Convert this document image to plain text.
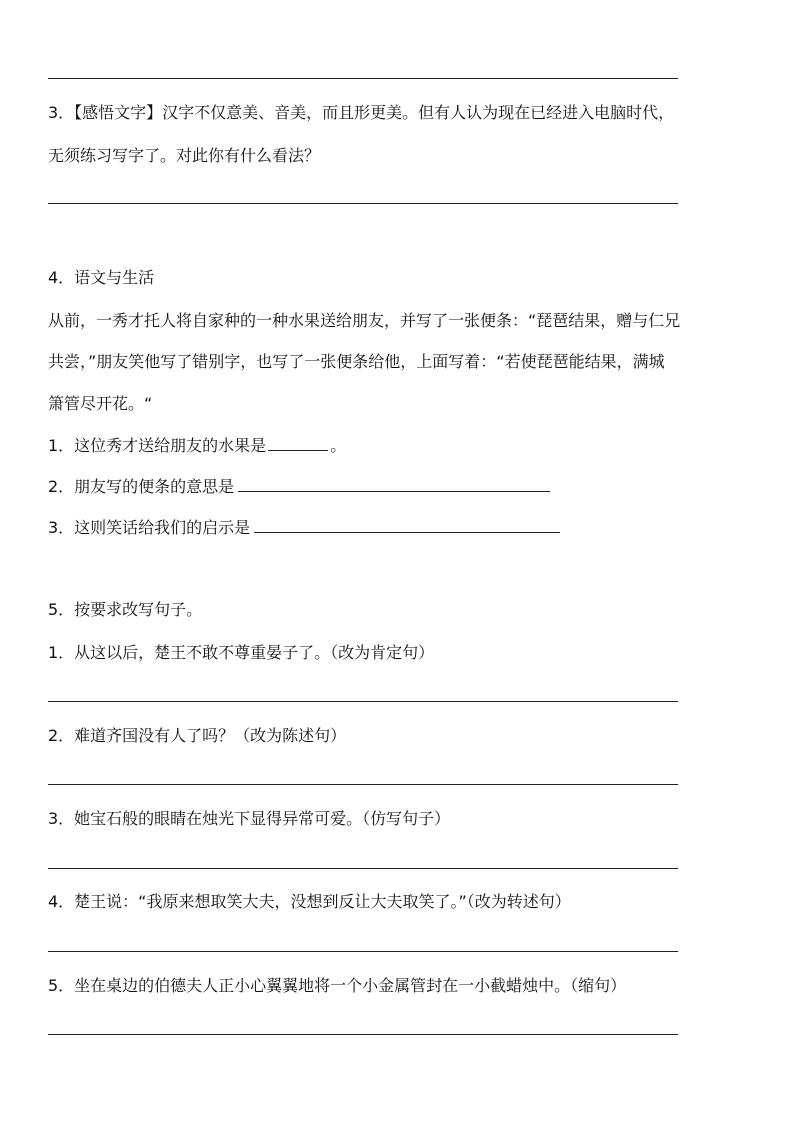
3．【感悟文字】汉字不仅意美、音美，而且形更美。但有人认为现在已经进入电脑时代，
无须练习写字了。对此你有什么看法？
4．语文与生活
从前，一秀才托人将自家种的一种水果送给朋友，并写了一张便条：“琵琶结果，赠与仁兄
共尝，”朋友笑他写了错别字，也写了一张便条给他，上面写着：“若使琵琶能结果，满城
箫管尽开花。“
1．这位秀才送给朋友的水果是	。
2．朋友写的便条的意思是
3．这则笑话给我们的启示是
5．按要求改写句子。
1．从这以后，楚王不敢不尊重晏子了。（改为肯定句）
2．难道齐国没有人了吗？（改为陈述句）
3．她宝石般的眼睛在烛光下显得异常可爱。（仿写句子）
4．楚王说：“我原来想取笑大夫，没想到反让大夫取笑了。”（改为转述句）
5．坐在桌边的伯德夫人正小心翼翼地将一个小金属管封在一小截蜡烛中。（缩句）
